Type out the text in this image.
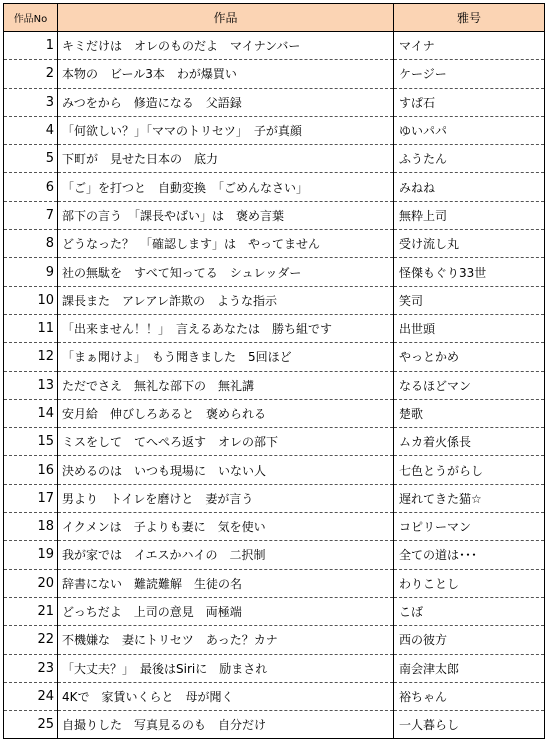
作品No	作品	雅号
1	キミだけは　オレのものだよ　マイナンバー	マイナ
2	本物の　ビール3本　わが爆買い	ケージー
3	みつをから　修造になる　父語録	すぱ石
4	「何欲しい？」「ママのトリセツ」　子が真顔	ゆいパパ
5	下町が　見せた日本の　底力	ふうたん
6	「ご」を打つと　自動変換　「ごめんなさい」	みねね
7	部下の言う　「課長やばい」は　褒め言葉	無粋上司
8	どうなった？　「確認します」は　やってません	受け流し丸
9	社の無駄を　すべて知ってる　シュレッダー	怪傑もぐり33世
10	課長また　アレアレ詐欺の　ような指示	笑司
11	「出来ません！！」　言えるあなたは　勝ち組です	出世頭
12	「まぁ聞けよ」　もう聞きました　5回ほど	やっとかめ
13	ただでさえ　無礼な部下の　無礼講	なるほどマン
14	安月給　伸びしろあると　褒められる	楚歌
15	ミスをして　てへぺろ返す　オレの部下	ムカ着火係長
16	決めるのは　いつも現場に　いない人	七色とうがらし
17	男より　トイレを磨けと　妻が言う	遅れてきた猫☆
18	イクメンは　子よりも妻に　気を使い	コピリーマン
19	我が家では　イエスかハイの　二択制	全ての道は･･･
20	辞書にない　難読難解　生徒の名	わりことし
21	どっちだよ　上司の意見　両極端	こば
22	不機嫌な　妻にトリセツ　あった？カナ	西の彼方
23	「大丈夫？」　最後はSiriに　励まされ	南会津太郎
24	4Kで　家賃いくらと　母が聞く	裕ちゃん
25	自撮りした　写真見るのも　自分だけ	一人暮らし
